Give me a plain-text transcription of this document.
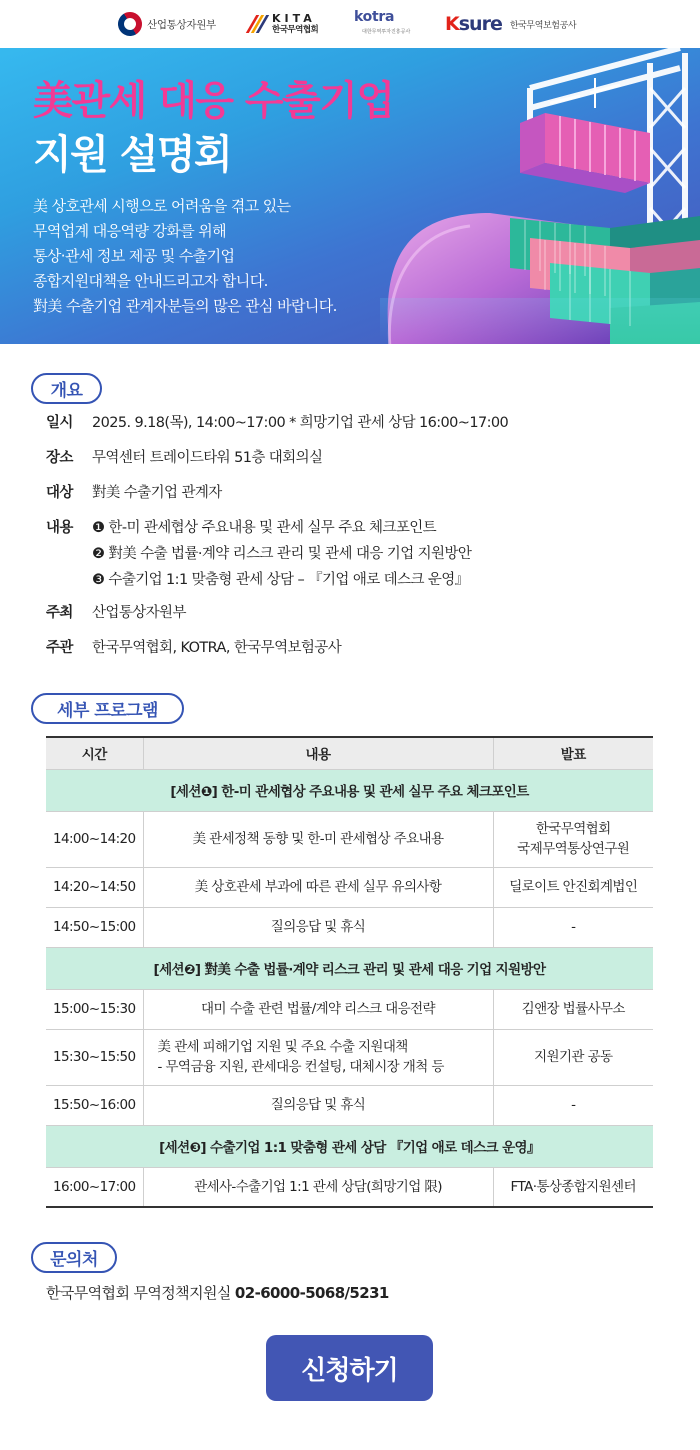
산업통상자원부	KITA
한국무역협회
kotra
대한무역투자진흥공사 Ksure 한국무역보험공사
美관세 대응 수출기업
지원 설명회
美 상호관세 시행으로 어려움을 겪고 있는
무역업계 대응역량 강화를 위해
통상·관세 정보 제공 및 수출기업
종합지원대책을 안내드리고자 합니다.
對美 수출기업 관계자분들의 많은 관심 바랍니다.
개요
일시	2025. 9.18(목), 14:00~17:00 * 희망기업 관세 상담 16:00~17:00
장소	무역센터 트레이드타워 51층 대회의실
대상	對美 수출기업 관계자
내용	❶ 한-미 관세협상 주요내용 및 관세 실무 주요 체크포인트
❷ 對美 수출 법률·계약 리스크 관리 및 관세 대응 기업 지원방안
❸ 수출기업 1:1 맞춤형 관세 상담 – 『기업 애로 데스크 운영』
주최	산업통상자원부
주관	한국무역협회, KOTRA, 한국무역보험공사
세부 프로그램
시간	내용	발표
[세션❶] 한-미 관세협상 주요내용 및 관세 실무 주요 체크포인트		
14:00~14:20	美 관세정책 동향 및 한-미 관세협상 주요내용	한국무역협회
국제무역통상연구원

14:20~14:50	美 상호관세 부과에 따른 관세 실무 유의사항	딜로이트 안진회계법인

14:50~15:00	질의응답 및 휴식	-

[세션❷] 對美 수출 법률·계약 리스크 관리 및 관세 대응 기업 지원방안		
15:00~15:30	대미 수출 관련 법률/계약 리스크 대응전략	김앤장 법률사무소

15:30~15:50	美 관세 피해기업 지원 및 주요 수출 지원대책
- 무역금융 지원, 관세대응 컨설팅, 대체시장 개척 등	지원기관 공동

15:50~16:00	질의응답 및 휴식	-

[세션❸] 수출기업 1:1 맞춤형 관세 상담 『기업 애로 데스크 운영』		
16:00~17:00	관세사-수출기업 1:1 관세 상담(희망기업 限)	FTA·통상종합지원센터
문의처
한국무역협회 무역정책지원실 02-6000-5068/5231
신청하기
